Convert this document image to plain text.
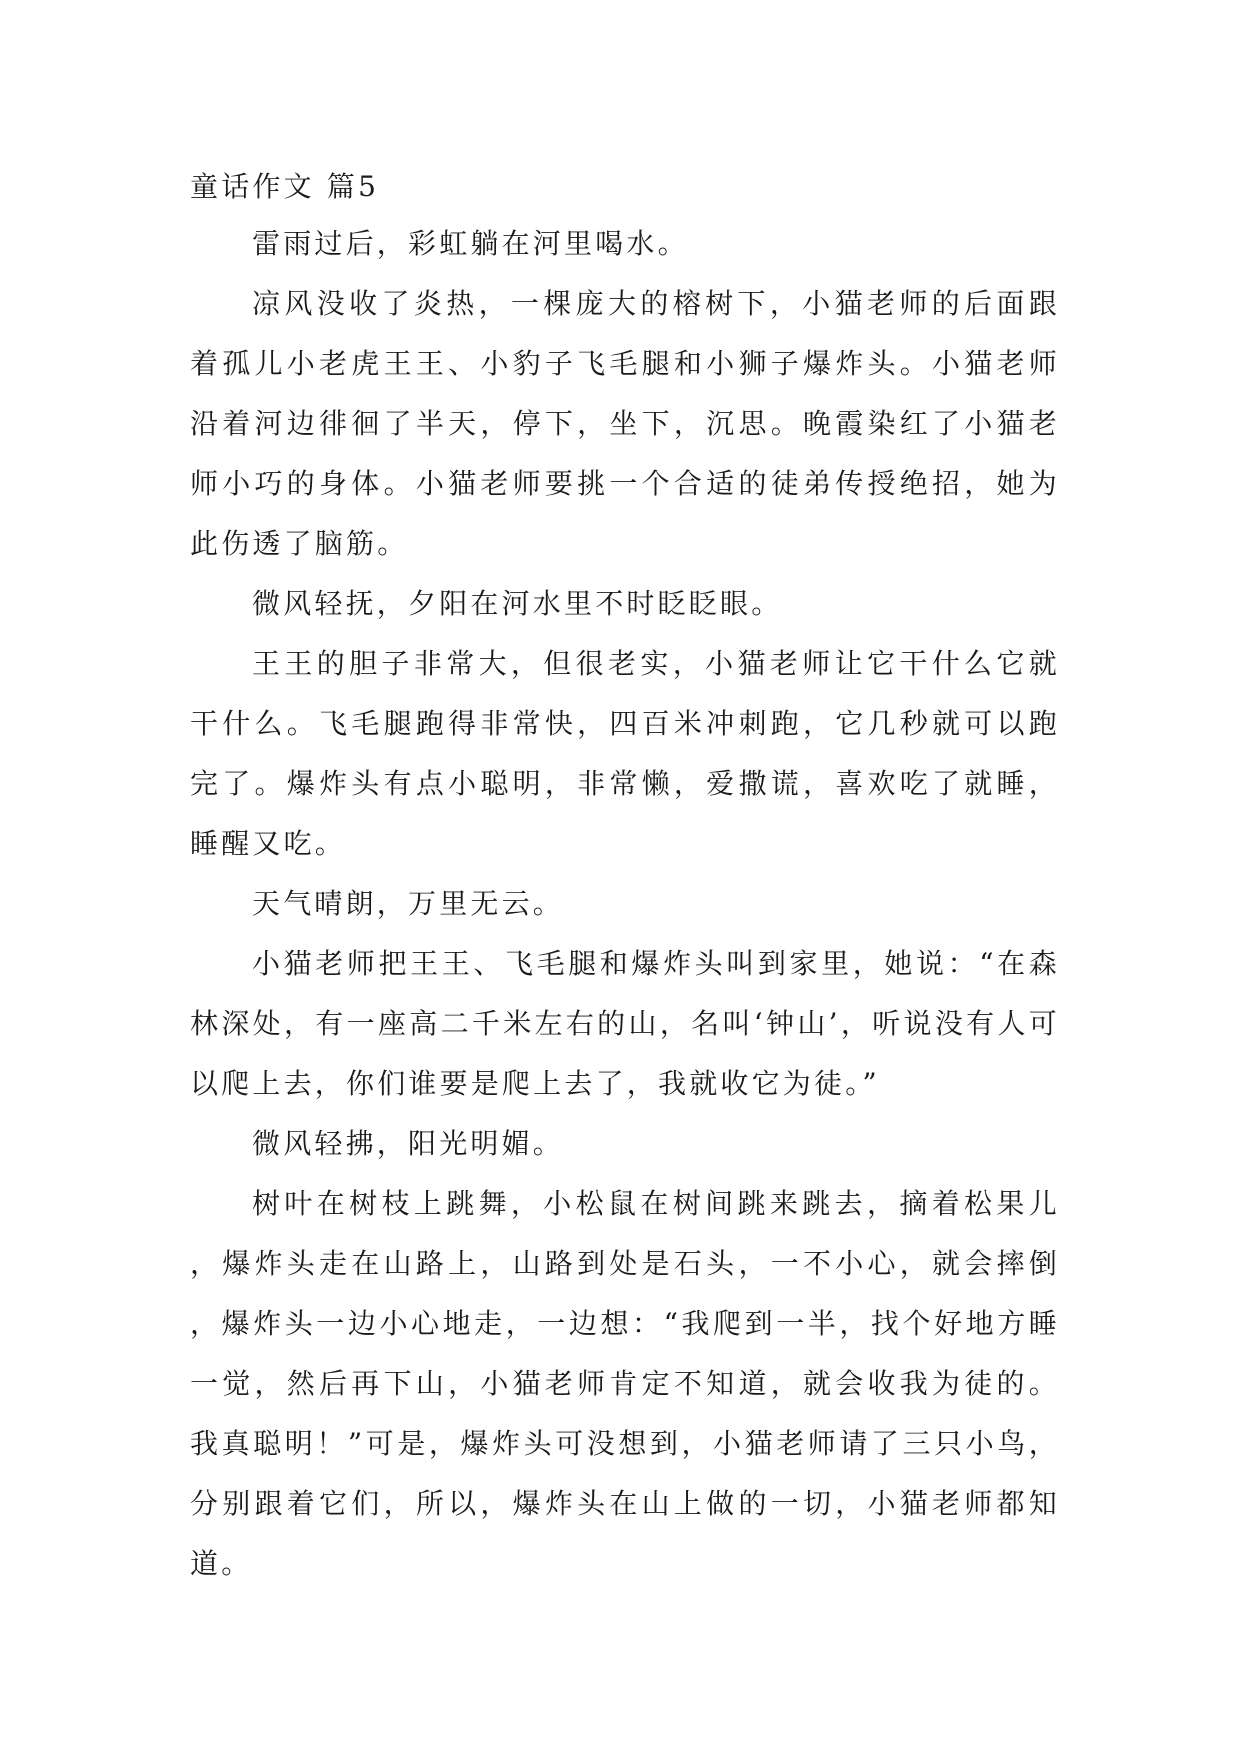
童话作文 篇5

雷雨过后，彩虹躺在河里喝水。

凉风没收了炎热，一棵庞大的榕树下，小猫老师的后面跟着孤儿小老虎王王、小豹子飞毛腿和小狮子爆炸头。小猫老师沿着河边徘徊了半天，停下，坐下，沉思。晚霞染红了小猫老师小巧的身体。小猫老师要挑一个合适的徒弟传授绝招，她为此伤透了脑筋。

微风轻抚，夕阳在河水里不时眨眨眼。

王王的胆子非常大，但很老实，小猫老师让它干什么它就干什么。飞毛腿跑得非常快，四百米冲刺跑，它几秒就可以跑完了。爆炸头有点小聪明，非常懒，爱撒谎，喜欢吃了就睡，睡醒又吃。

天气晴朗，万里无云。

小猫老师把王王、飞毛腿和爆炸头叫到家里，她说：“在森林深处，有一座高二千米左右的山，名叫‘钟山’，听说没有人可以爬上去，你们谁要是爬上去了，我就收它为徒。”

微风轻拂，阳光明媚。

树叶在树枝上跳舞，小松鼠在树间跳来跳去，摘着松果儿，爆炸头走在山路上，山路到处是石头，一不小心，就会摔倒，爆炸头一边小心地走，一边想：“我爬到一半，找个好地方睡一觉，然后再下山，小猫老师肯定不知道，就会收我为徒的。我真聪明！”可是，爆炸头可没想到，小猫老师请了三只小鸟，分别跟着它们，所以，爆炸头在山上做的一切，小猫老师都知道。
